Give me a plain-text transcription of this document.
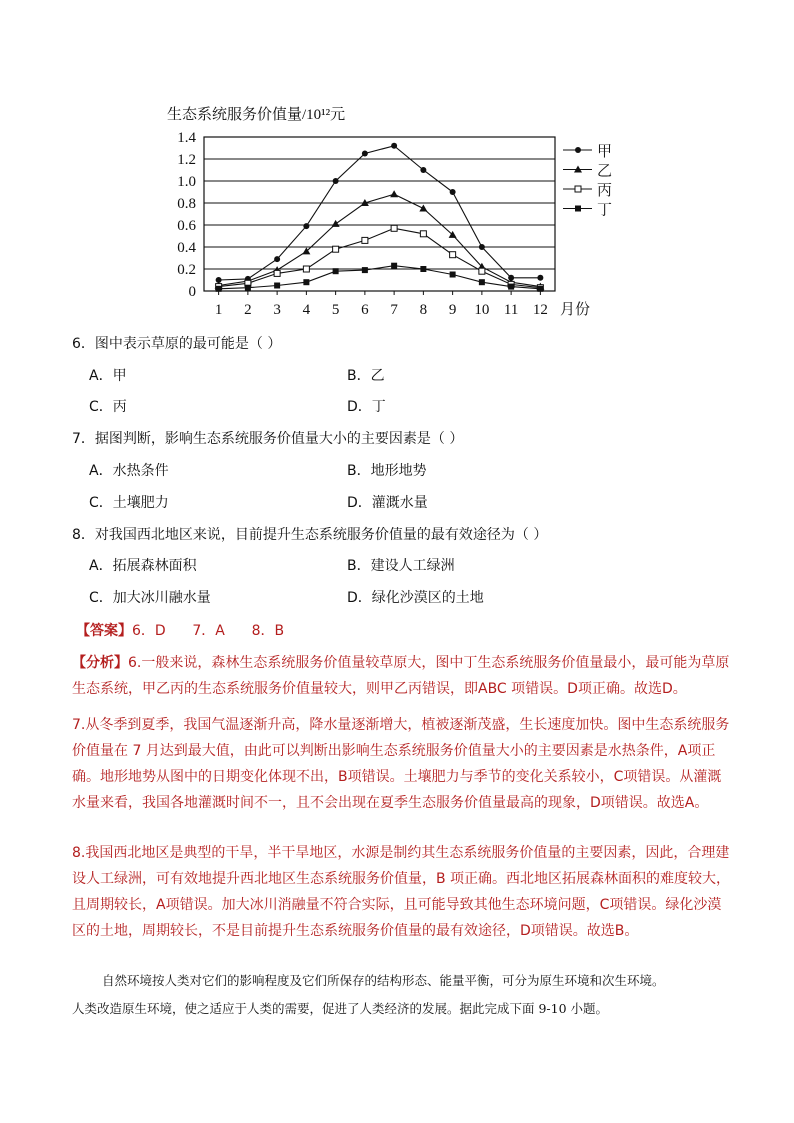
生态系统服务价值量/10¹²元
0
0.2
0.4
0.6
0.8
1.0
1.2
1.4
1 2 3 4 5 6 7 8 9 10 11 12 月份
甲
乙
丙
丁
6．图中表示草原的最可能是（ ）
A．甲	B．乙
C．丙	D．丁
7．据图判断，影响生态系统服务价值量大小的主要因素是（ ）
A．水热条件	B．地形地势
C．土壤肥力	D．灌溉水量
8．对我国西北地区来说，目前提升生态系统服务价值量的最有效途径为（ ）
A．拓展森林面积	B．建设人工绿洲
C．加大冰川融水量	D．绿化沙漠区的土地
【答案】6．D      7．A      8．B
【分析】6.一般来说，森林生态系统服务价值量较草原大，图中丁生态系统服务价值量最小，最可能为草原
生态系统，甲乙丙的生态系统服务价值量较大，则甲乙丙错误，即ABC 项错误。D项正确。故选D。
7.从冬季到夏季，我国气温逐渐升高，降水量逐渐增大，植被逐渐茂盛，生长速度加快。图中生态系统服务
价值量在 7 月达到最大值，由此可以判断出影响生态系统服务价值量大小的主要因素是水热条件，A项正
确。地形地势从图中的日期变化体现不出，B项错误。土壤肥力与季节的变化关系较小，C项错误。从灌溉
水量来看，我国各地灌溉时间不一，且不会出现在夏季生态服务价值量最高的现象，D项错误。故选A。
8.我国西北地区是典型的干旱，半干旱地区，水源是制约其生态系统服务价值量的主要因素，因此，合理建
设人工绿洲，可有效地提升西北地区生态系统服务价值量，B 项正确。西北地区拓展森林面积的难度较大，
且周期较长，A项错误。加大冰川消融量不符合实际，且可能导致其他生态环境问题，C项错误。绿化沙漠
区的土地，周期较长，不是目前提升生态系统服务价值量的最有效途径，D项错误。故选B。
自然环境按人类对它们的影响程度及它们所保存的结构形态、能量平衡，可分为原生环境和次生环境。
人类改造原生环境，使之适应于人类的需要，促进了人类经济的发展。据此完成下面 9-10 小题。
